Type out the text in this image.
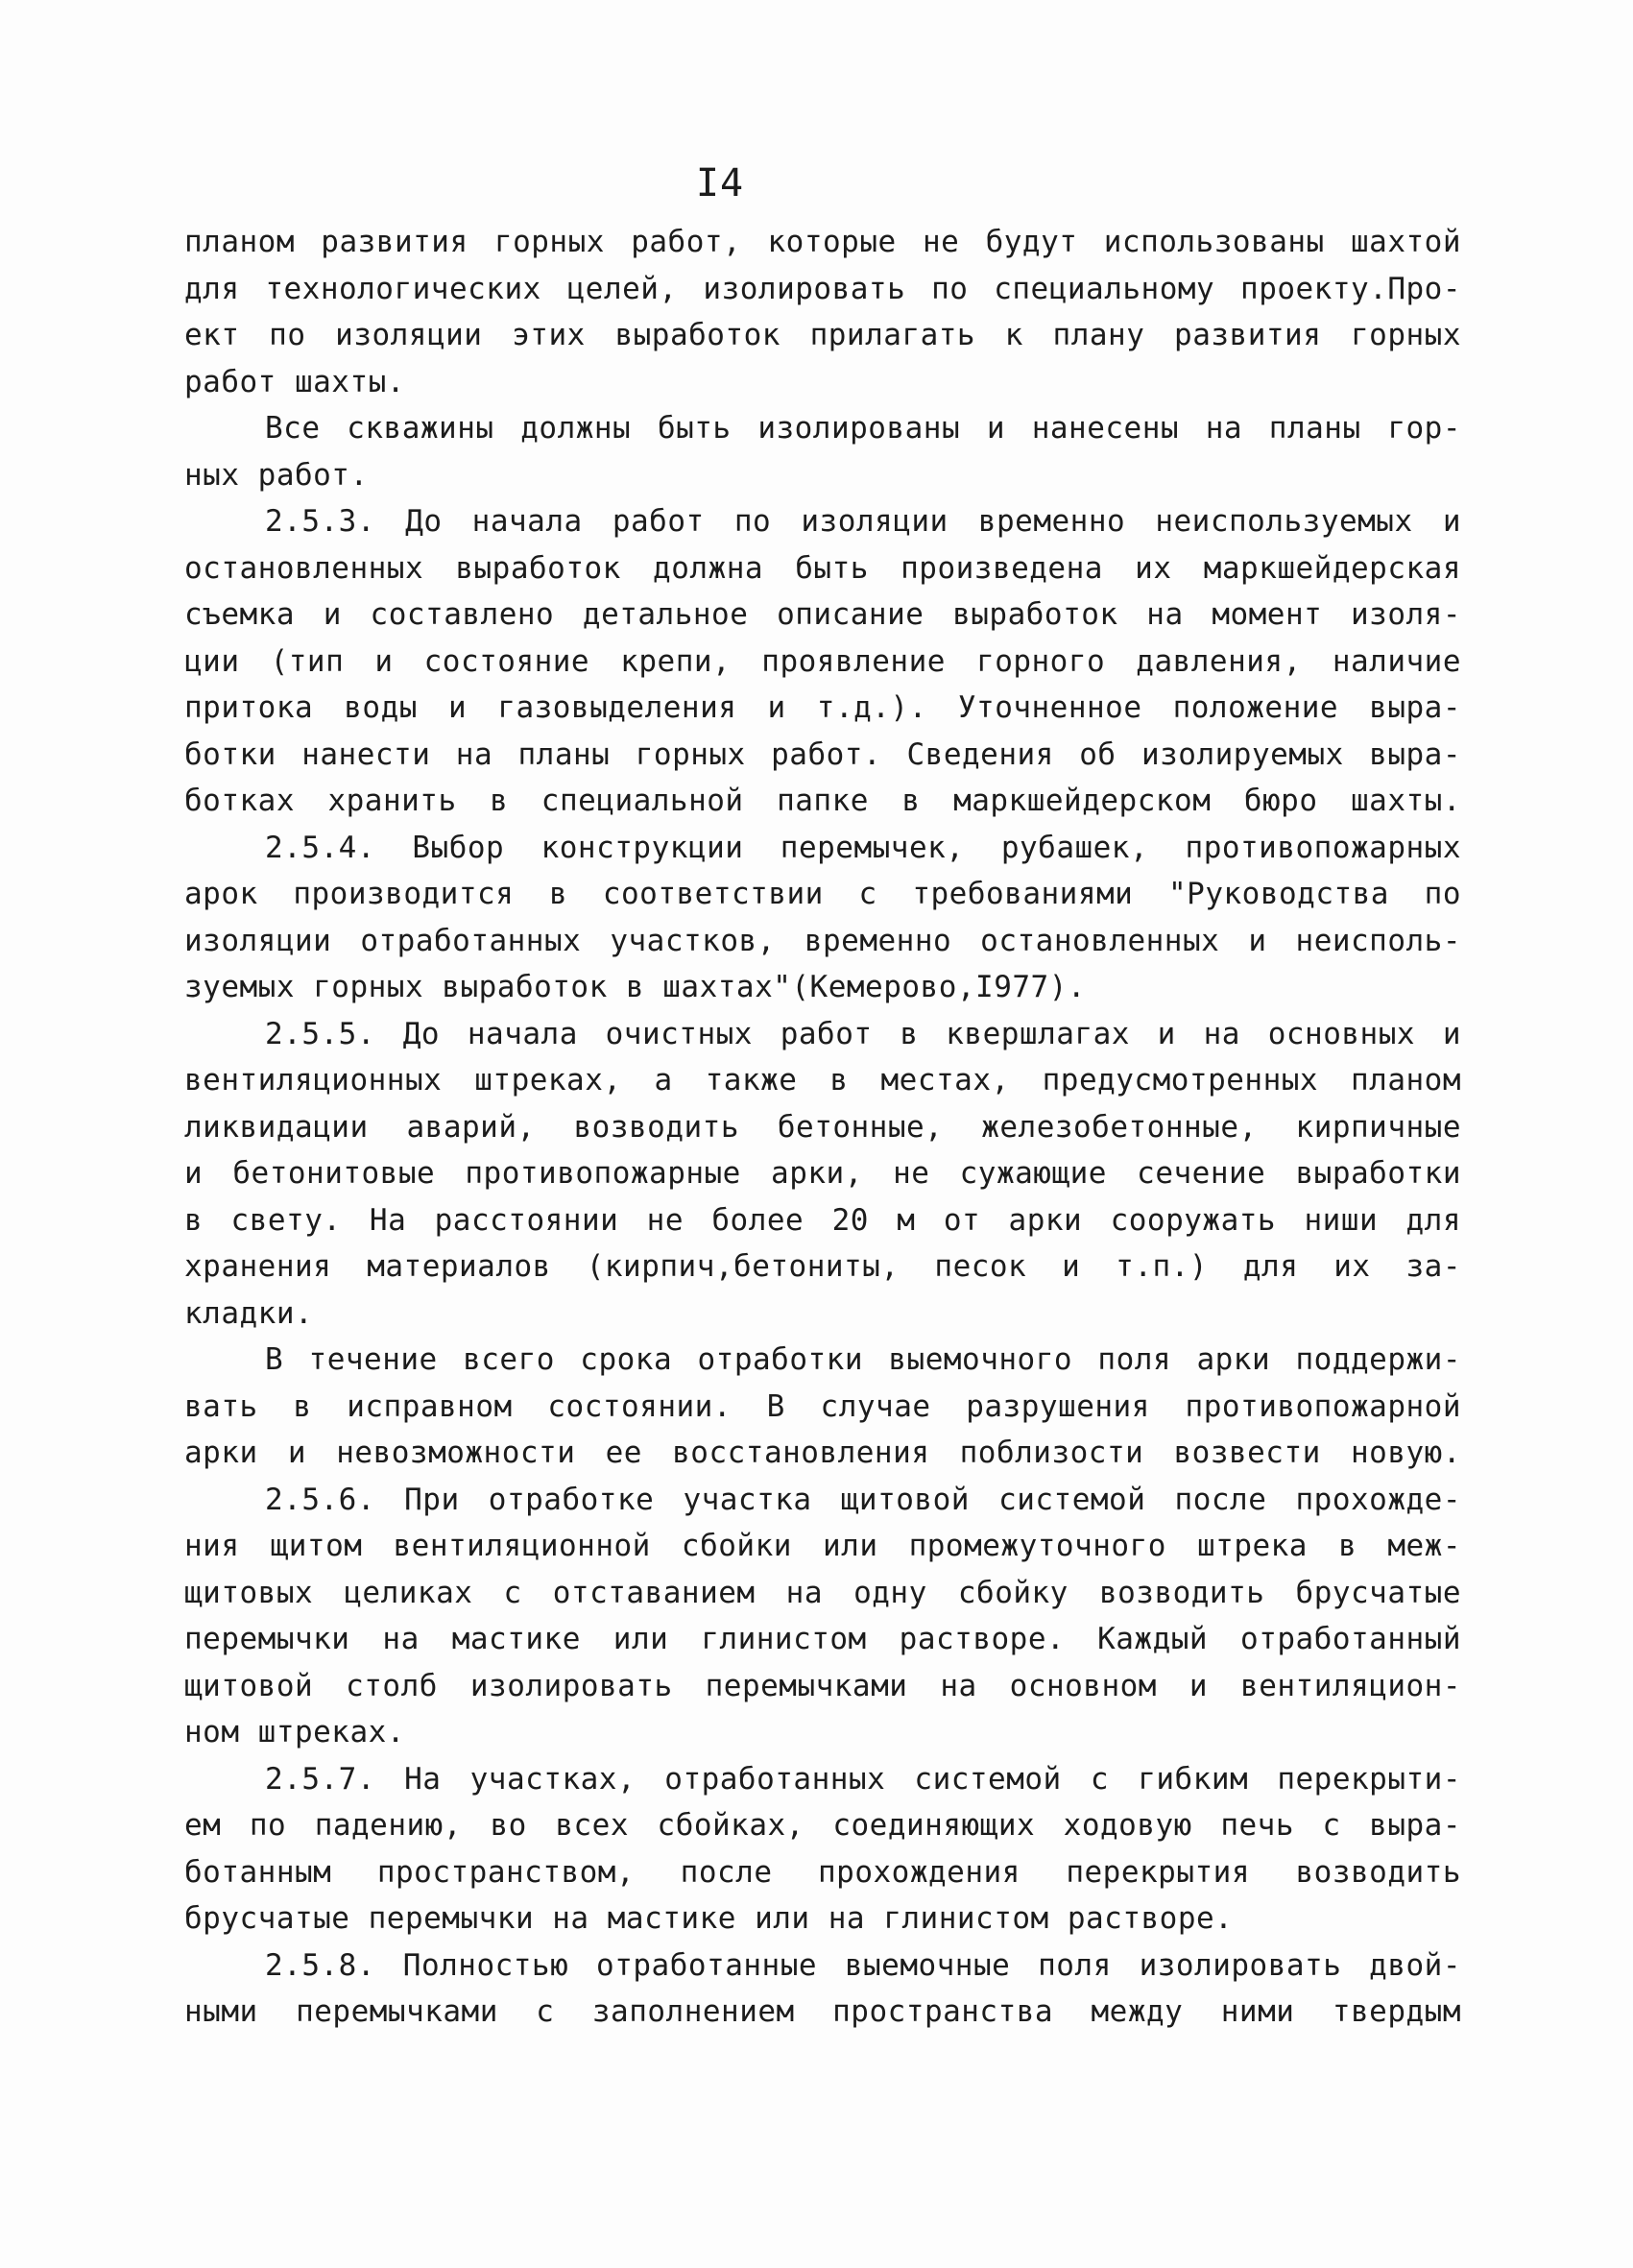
I4
планом развития горных работ, которые не будут использованы шахтой
для технологических целей, изолировать по специальному проекту.Про-
ект по изоляции этих выработок прилагать к плану развития горных
работ шахты.
Все скважины должны быть изолированы и нанесены на планы гор-
ных работ.
2.5.3. До начала работ по изоляции временно неиспользуемых и
остановленных выработок должна быть произведена их маркшейдерская
съемка и составлено детальное описание выработок на момент изоля-
ции (тип и состояние крепи, проявление горного давления, наличие
притока воды и газовыделения и т.д.). Уточненное положение выра-
ботки нанести на планы горных работ. Сведения об изолируемых выра-
ботках хранить в специальной папке в маркшейдерском бюро шахты.
2.5.4. Выбор конструкции перемычек, рубашек, противопожарных
арок производится в соответствии с требованиями "Руководства по
изоляции отработанных участков, временно остановленных и неисполь-
зуемых горных выработок в шахтах"(Кемерово,I977).
2.5.5. До начала очистных работ в квершлагах и на основных и
вентиляционных штреках, а также в местах, предусмотренных планом
ликвидации аварий, возводить бетонные, железобетонные, кирпичные
и бетонитовые противопожарные арки, не сужающие сечение выработки
в свету. На расстоянии не более 20 м от арки сооружать ниши для
хранения материалов (кирпич,бетониты, песок и т.п.) для их за-
кладки.
В течение всего срока отработки выемочного поля арки поддержи-
вать в исправном состоянии. В случае разрушения противопожарной
арки и невозможности ее восстановления поблизости возвести новую.
2.5.6. При отработке участка щитовой системой после прохожде-
ния щитом вентиляционной сбойки или промежуточного штрека в меж-
щитовых целиках с отставанием на одну сбойку возводить брусчатые
перемычки на мастике или глинистом растворе. Каждый отработанный
щитовой столб изолировать перемычками на основном и вентиляцион-
ном штреках.
2.5.7. На участках, отработанных системой с гибким перекрыти-
ем по падению, во всех сбойках, соединяющих ходовую печь с выра-
ботанным пространством, после прохождения перекрытия возводить
брусчатые перемычки на мастике или на глинистом растворе.
2.5.8. Полностью отработанные выемочные поля изолировать двой-
ными перемычками с заполнением пространства между ними твердым
